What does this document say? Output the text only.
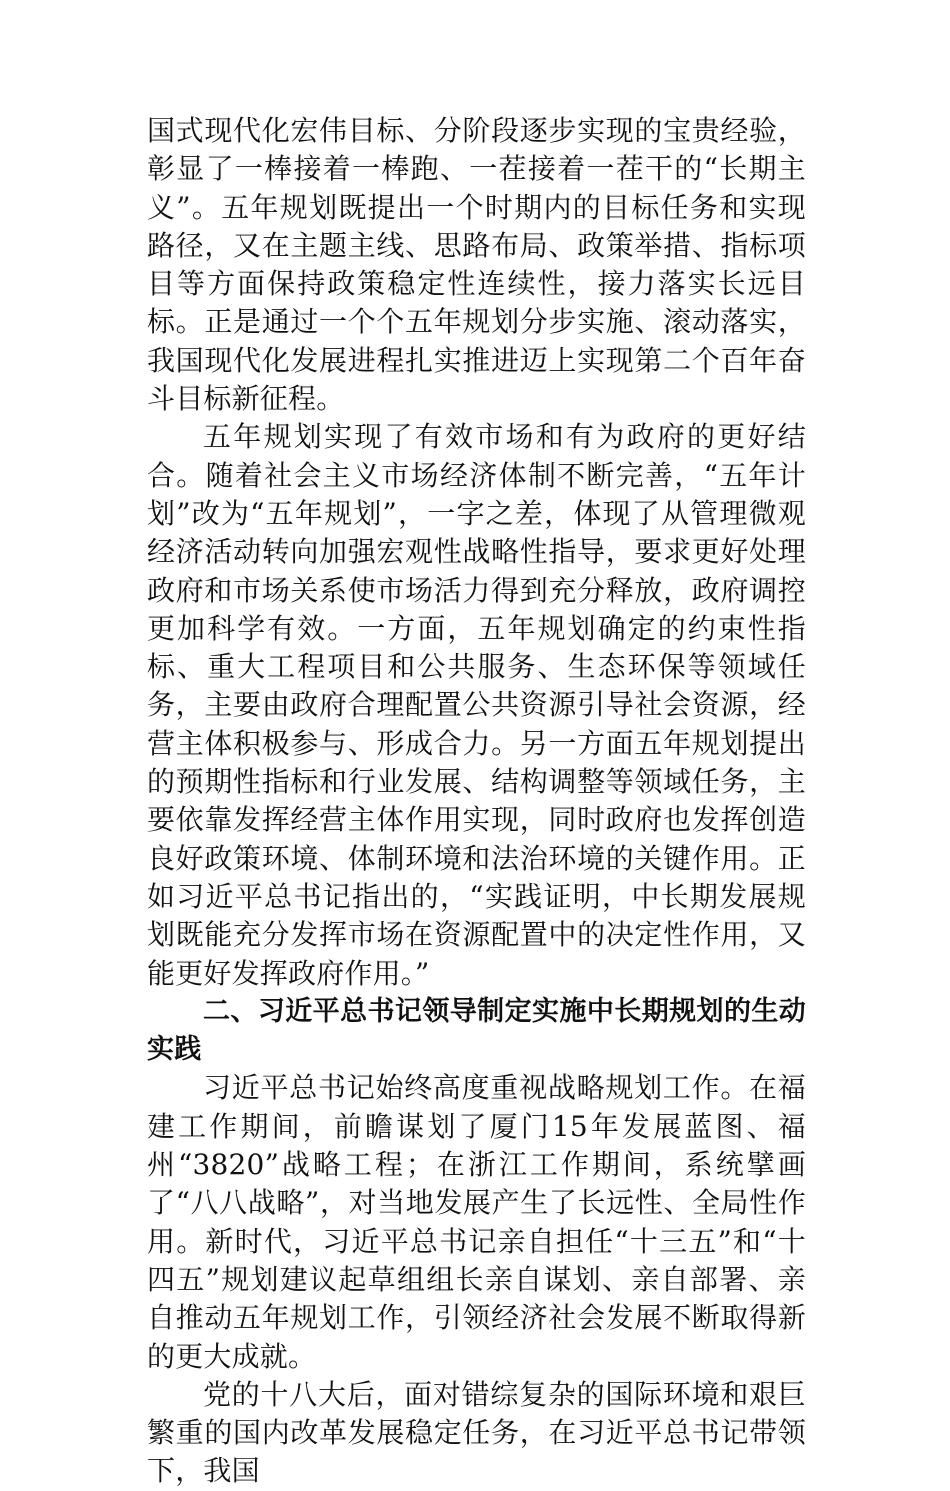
国式现代化宏伟目标、分阶段逐步实现的宝贵经验，彰显了一棒接着一棒跑、一茬接着一茬干的“长期主义”。五年规划既提出一个时期内的目标任务和实现路径，又在主题主线、思路布局、政策举措、指标项目等方面保持政策稳定性连续性，接力落实长远目标。正是通过一个个五年规划分步实施、滚动落实，我国现代化发展进程扎实推进迈上实现第二个百年奋斗目标新征程。

五年规划实现了有效市场和有为政府的更好结合。随着社会主义市场经济体制不断完善，“五年计划”改为“五年规划”，一字之差，体现了从管理微观经济活动转向加强宏观性战略性指导，要求更好处理政府和市场关系使市场活力得到充分释放，政府调控更加科学有效。一方面，五年规划确定的约束性指标、重大工程项目和公共服务、生态环保等领域任务，主要由政府合理配置公共资源引导社会资源，经营主体积极参与、形成合力。另一方面五年规划提出的预期性指标和行业发展、结构调整等领域任务，主要依靠发挥经营主体作用实现，同时政府也发挥创造良好政策环境、体制环境和法治环境的关键作用。正如习近平总书记指出的，“实践证明，中长期发展规划既能充分发挥市场在资源配置中的决定性作用，又能更好发挥政府作用。”

二、习近平总书记领导制定实施中长期规划的生动实践

习近平总书记始终高度重视战略规划工作。在福建工作期间，前瞻谋划了厦门15年发展蓝图、福州“3820”战略工程；在浙江工作期间，系统擘画了“八八战略”，对当地发展产生了长远性、全局性作用。新时代，习近平总书记亲自担任“十三五”和“十四五”规划建议起草组组长亲自谋划、亲自部署、亲自推动五年规划工作，引领经济社会发展不断取得新的更大成就。

党的十八大后，面对错综复杂的国际环境和艰巨繁重的国内改革发展稳定任务，在习近平总书记带领下，我国
